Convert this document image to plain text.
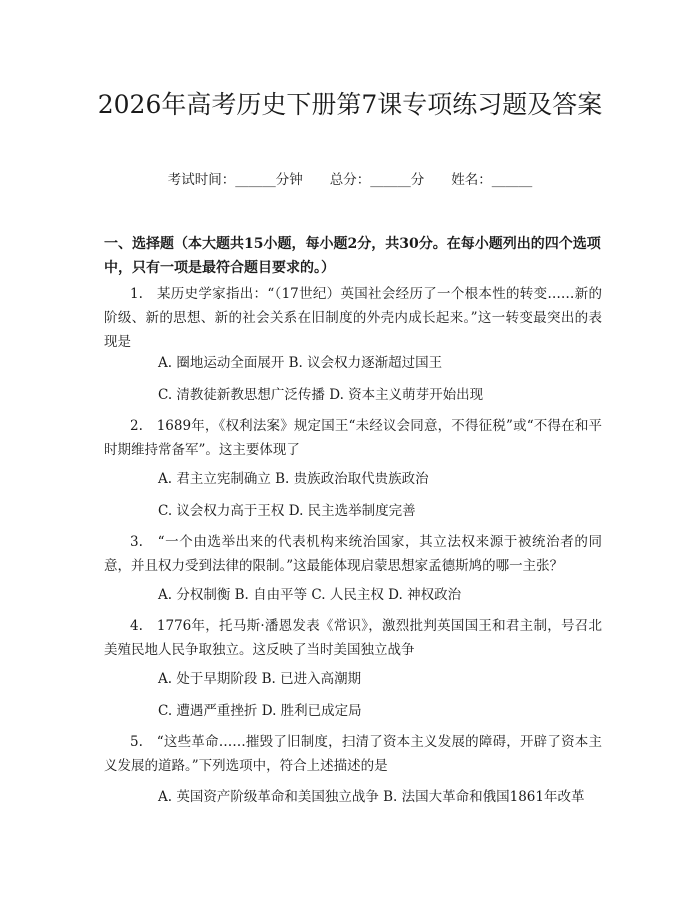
2026年高考历史下册第7课专项练习题及答案
考试时间：______分钟　　 总分：______分　　 姓名：______

一、选择题（本大题共15小题，每小题2分，共30分。在每小题列出的四个选项中，只有一项是最符合题目要求的。）

1.　某历史学家指出：“（17世纪）英国社会经历了一个根本性的转变……新的阶级、新的思想、新的社会关系在旧制度的外壳内成长起来。”这一转变最突出的表现是

A. 圈地运动全面展开 B. 议会权力逐渐超过国王

C. 清教徒新教思想广泛传播 D. 资本主义萌芽开始出现

2.　1689年，《权利法案》规定国王“未经议会同意，不得征税”或“不得在和平时期维持常备军”。这主要体现了

A. 君主立宪制确立 B. 贵族政治取代贵族政治

C. 议会权力高于王权 D. 民主选举制度完善

3.　“一个由选举出来的代表机构来统治国家，其立法权来源于被统治者的同意，并且权力受到法律的限制。”这最能体现启蒙思想家孟德斯鸠的哪一主张？

A. 分权制衡 B. 自由平等 C. 人民主权 D. 神权政治

4.　1776年，托马斯·潘恩发表《常识》，激烈批判英国国王和君主制，号召北美殖民地人民争取独立。这反映了当时美国独立战争

A. 处于早期阶段 B. 已进入高潮期

C. 遭遇严重挫折 D. 胜利已成定局

5.　“这些革命……摧毁了旧制度，扫清了资本主义发展的障碍，开辟了资本主义发展的道路。”下列选项中，符合上述描述的是

A. 英国资产阶级革命和美国独立战争 B. 法国大革命和俄国1861年改革
